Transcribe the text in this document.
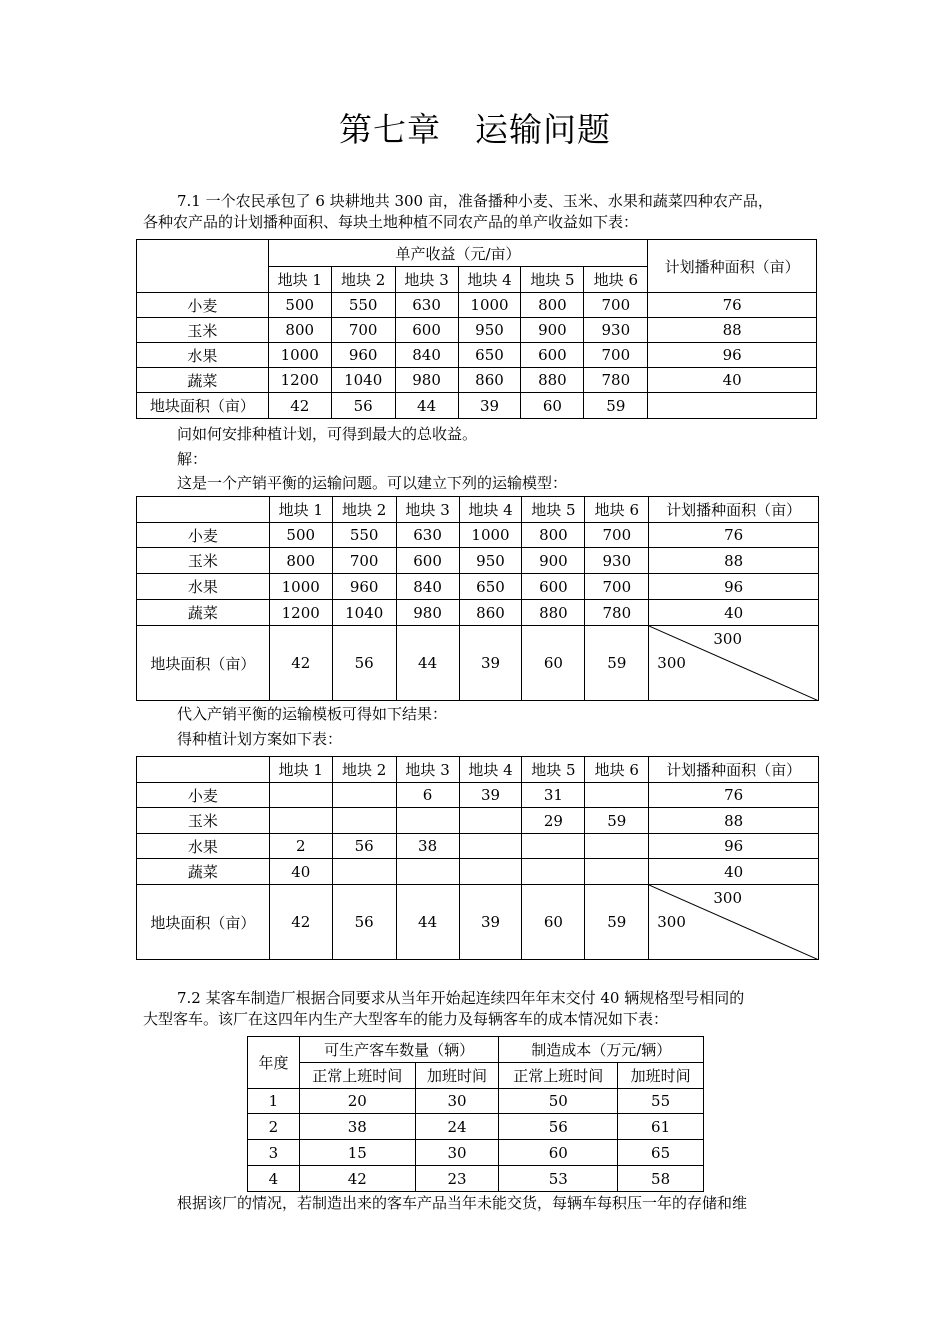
第七章　运输问题
7.1 一个农民承包了 6 块耕地共 300 亩，准备播种小麦、玉米、水果和蔬菜四种农产品，
各种农产品的计划播种面积、每块土地种植不同农产品的单产收益如下表：
	单产收益（元/亩）						计划播种面积（亩）
	地块 1	地块 2	地块 3	地块 4	地块 5	地块 6	
小麦	500	550	630	1000	800	700	76
玉米	800	700	600	950	900	930	88
水果	1000	960	840	650	600	700	96
蔬菜	1200	1040	980	860	880	780	40
地块面积（亩）	42	56	44	39	60	59	
问如何安排种植计划，可得到最大的总收益。
解：
这是一个产销平衡的运输问题。可以建立下列的运输模型：
	地块 1	地块 2	地块 3	地块 4	地块 5	地块 6	计划播种面积（亩）
小麦	500	550	630	1000	800	700	76
玉米	800	700	600	950	900	930	88
水果	1000	960	840	650	600	700	96
蔬菜	1200	1040	980	860	880	780	40
地块面积（亩）	42	56	44	39	60	59	300
300
代入产销平衡的运输模板可得如下结果：
得种植计划方案如下表：
	地块 1	地块 2	地块 3	地块 4	地块 5	地块 6	计划播种面积（亩）
小麦			6	39	31		76
玉米					29	59	88
水果	2	56	38				96
蔬菜	40						40
地块面积（亩）	42	56	44	39	60	59	300
300
7.2 某客车制造厂根据合同要求从当年开始起连续四年年末交付 40 辆规格型号相同的
大型客车。该厂在这四年内生产大型客车的能力及每辆客车的成本情况如下表：
年度	可生产客车数量（辆）		制造成本（万元/辆）	
	正常上班时间	加班时间	正常上班时间	加班时间
1	20	30	50	55
2	38	24	56	61
3	15	30	60	65
4	42	23	53	58
根据该厂的情况，若制造出来的客车产品当年未能交货，每辆车每积压一年的存储和维
